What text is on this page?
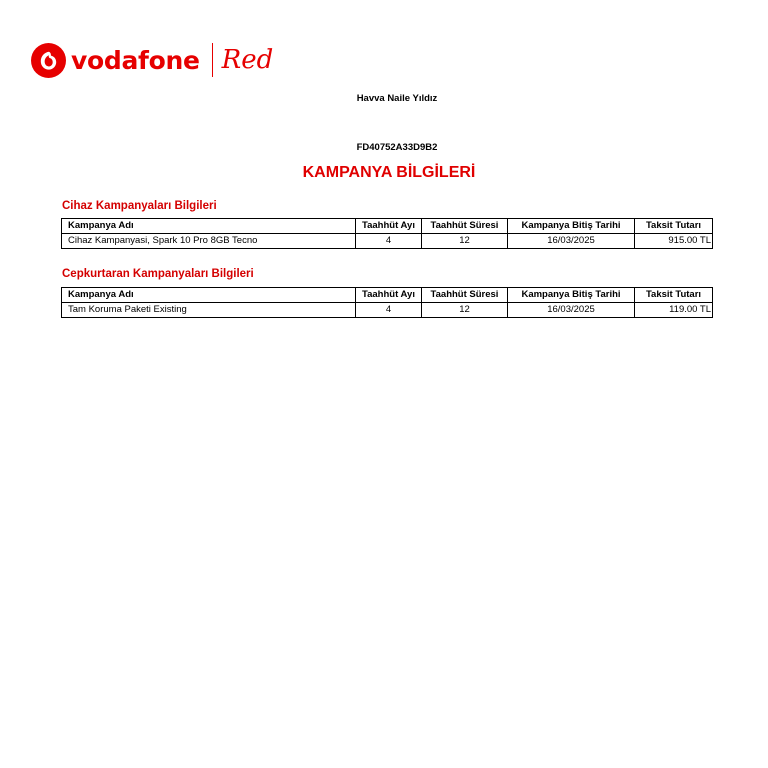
vodafone Red
Havva Naile Yıldız
FD40752A33D9B2
KAMPANYA BİLGİLERİ
Cihaz Kampanyaları Bilgileri
Kampanya Adı	Taahhüt Ayı	Taahhüt Süresi	Kampanya Bitiş Tarihi	Taksit Tutarı
Cihaz Kampanyasi, Spark 10 Pro 8GB Tecno	4	12	16/03/2025	915.00 TL
Cepkurtaran Kampanyaları Bilgileri
Kampanya Adı	Taahhüt Ayı	Taahhüt Süresi	Kampanya Bitiş Tarihi	Taksit Tutarı
Tam Koruma Paketi Existing	4	12	16/03/2025	119.00 TL
